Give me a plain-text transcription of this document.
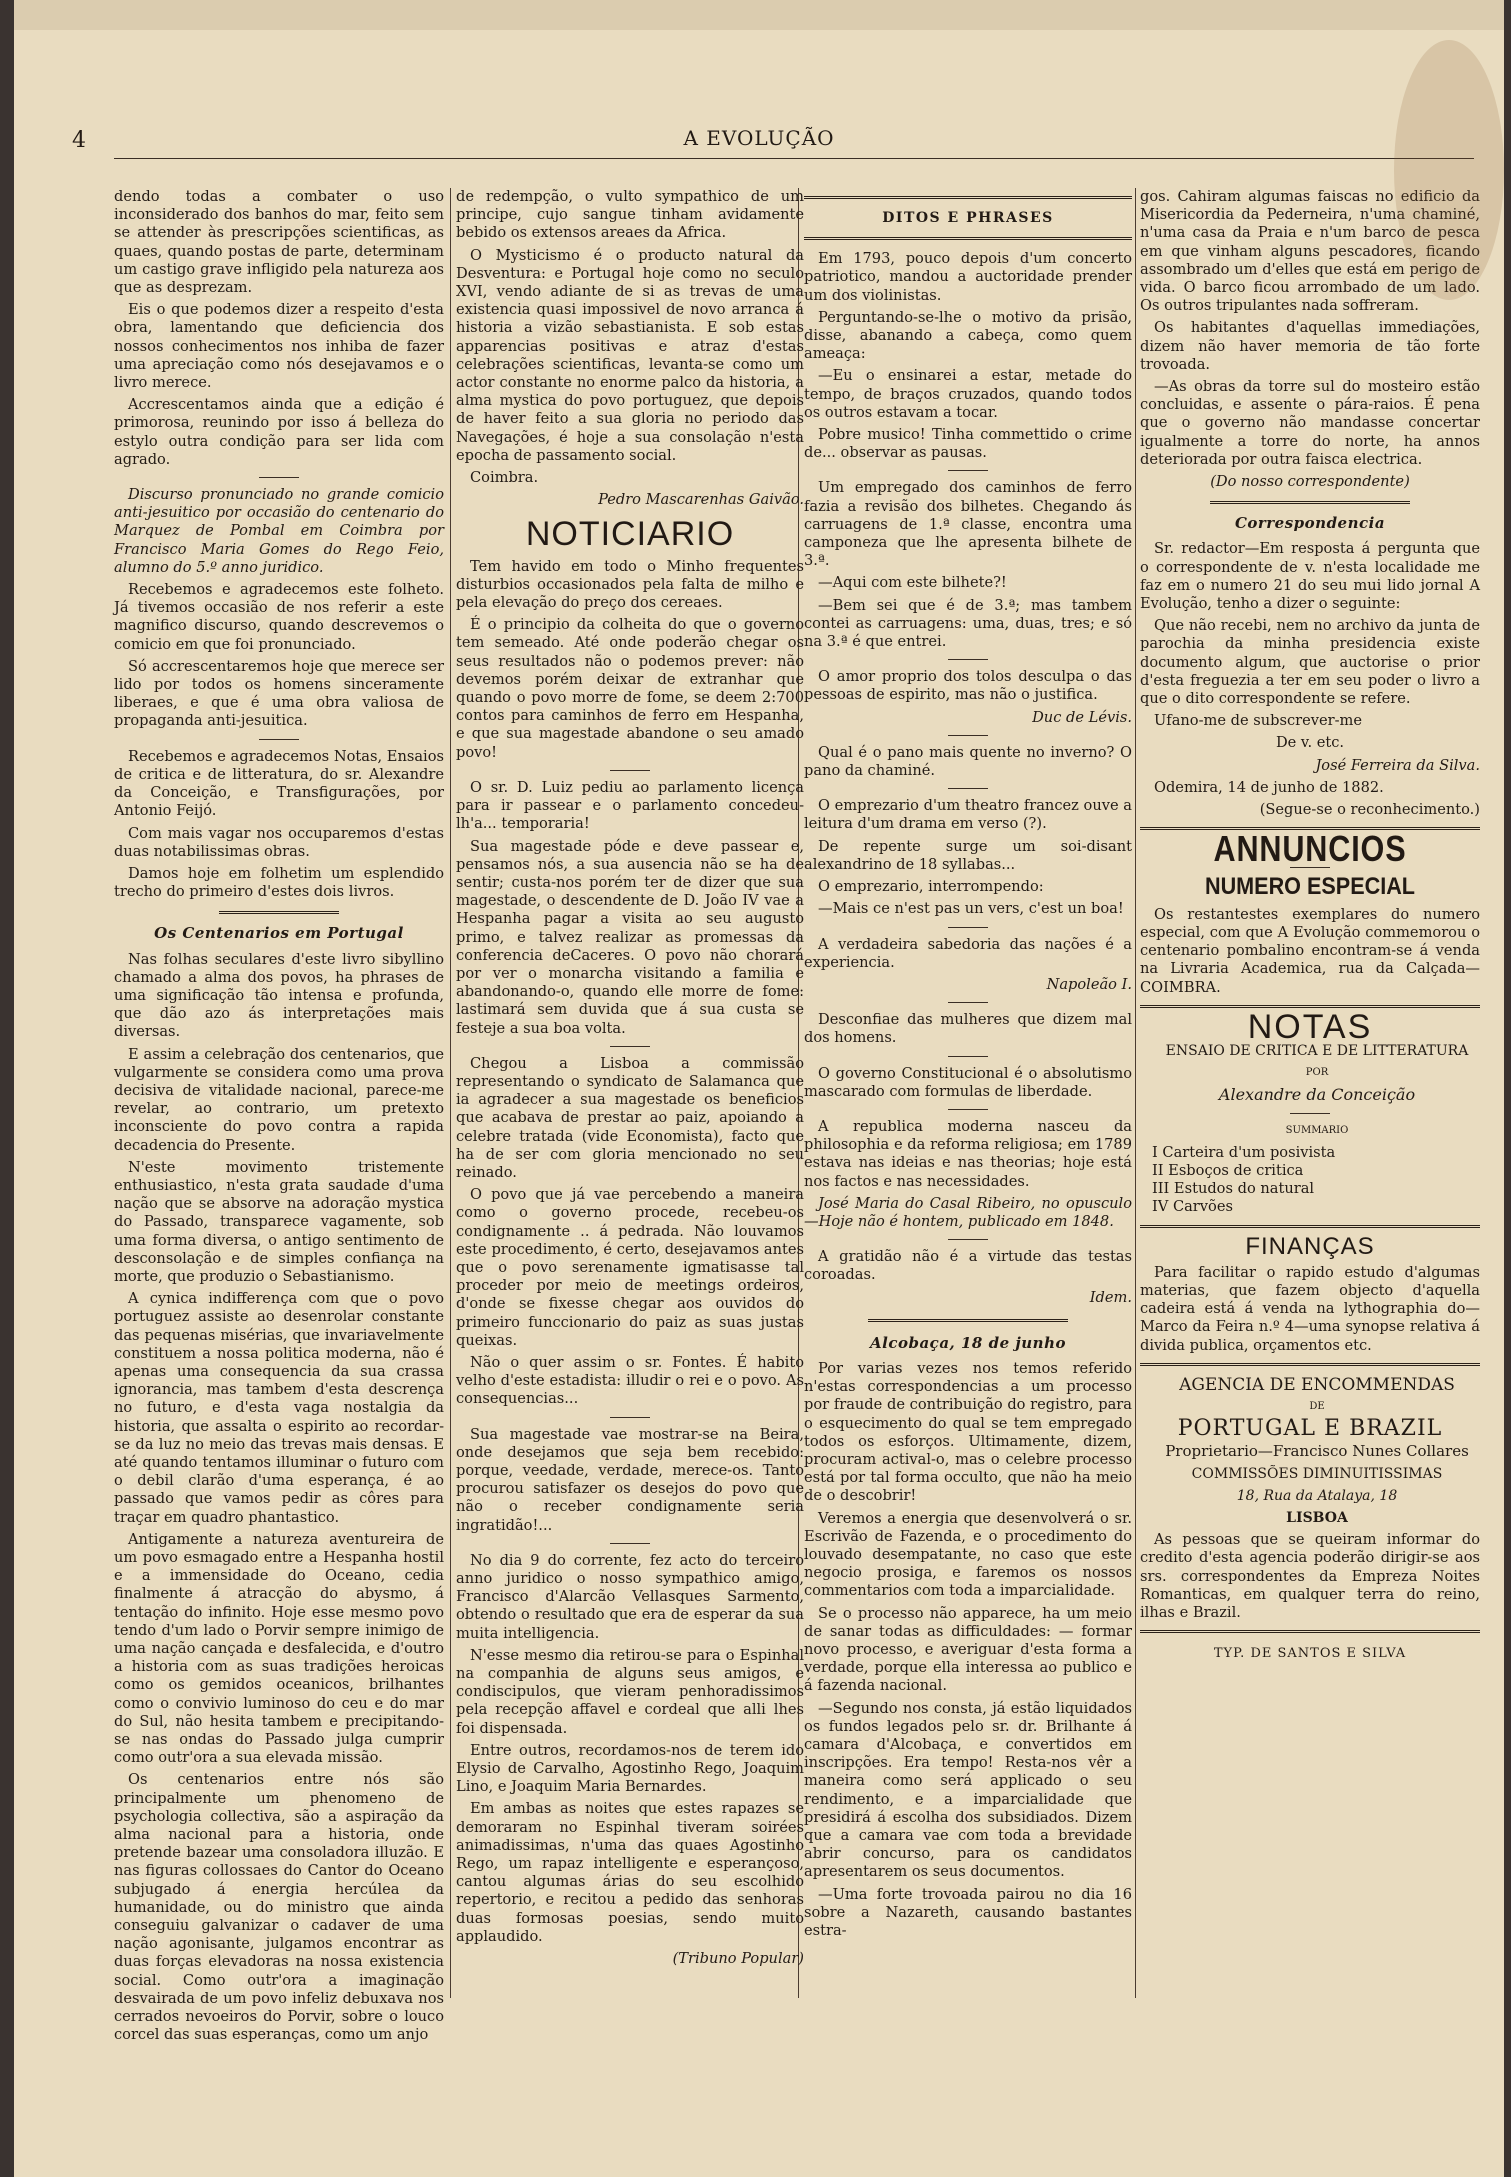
4	A EVOLUÇÃO

dendo todas a combater o uso inconsiderado dos banhos do mar, feito sem se attender às prescripções scientificas, as quaes, quando postas de parte, determinam um castigo grave infligido pela natureza aos que as desprezam.

Eis o que podemos dizer a respeito d'esta obra, lamentando que deficiencia dos nossos conhecimentos nos inhiba de fazer uma apreciação como nós desejavamos e o livro merece.

Accrescentamos ainda que a edição é primorosa, reunindo por isso á belleza do estylo outra condição para ser lida com agrado.

Discurso pronunciado no grande comicio anti-jesuitico por occasião do centenario do Marquez de Pombal em Coimbra por Francisco Maria Gomes do Rego Feio, alumno do 5.º anno juridico.

Recebemos e agradecemos este folheto. Já tivemos occasião de nos referir a este magnifico discurso, quando descrevemos o comicio em que foi pronunciado.

Só accrescentaremos hoje que merece ser lido por todos os homens sinceramente liberaes, e que é uma obra valiosa de propaganda anti-jesuitica.

Recebemos e agradecemos Notas, Ensaios de critica e de litteratura, do sr. Alexandre da Conceição, e Transfigurações, por Antonio Feijó.

Com mais vagar nos occuparemos d'estas duas notabilissimas obras.

Damos hoje em folhetim um esplendido trecho do primeiro d'estes dois livros.

Os Centenarios em Portugal

Nas folhas seculares d'este livro sibyllino chamado a alma dos povos, ha phrases de uma significação tão intensa e profunda, que dão azo ás interpretações mais diversas.

E assim a celebração dos centenarios, que vulgarmente se considera como uma prova decisiva de vitalidade nacional, parece-me revelar, ao contrario, um pretexto inconsciente do povo contra a rapida decadencia do Presente.

N'este movimento tristemente enthusiastico, n'esta grata saudade d'uma nação que se absorve na adoração mystica do Passado, transparece vagamente, sob uma forma diversa, o antigo sentimento de desconsolação e de simples confiança na morte, que produzio o Sebastianismo.

A cynica indifferença com que o povo portuguez assiste ao desenrolar constante das pequenas misérias, que invariavelmente constituem a nossa politica moderna, não é apenas uma consequencia da sua crassa ignorancia, mas tambem d'esta descrença no futuro, e d'esta vaga nostalgia da historia, que assalta o espirito ao recordar-se da luz no meio das trevas mais densas. E até quando tentamos illuminar o futuro com o debil clarão d'uma esperança, é ao passado que vamos pedir as côres para traçar em quadro phantastico.

Antigamente a natureza aventureira de um povo esmagado entre a Hespanha hostil e a immensidade do Oceano, cedia finalmente á atracção do abysmo, á tentação do infinito. Hoje esse mesmo povo tendo d'um lado o Porvir sempre inimigo de uma nação cançada e desfalecida, e d'outro a historia com as suas tradições heroicas como os gemidos oceanicos, brilhantes como o convivio luminoso do ceu e do mar do Sul, não hesita tambem e precipitando-se nas ondas do Passado julga cumprir como outr'ora a sua elevada missão.

Os centenarios entre nós são principalmente um phenomeno de psychologia collectiva, são a aspiração da alma nacional para a historia, onde pretende bazear uma consoladora illuzão. E nas figuras collossaes do Cantor do Oceano subjugado á energia hercúlea da humanidade, ou do ministro que ainda conseguiu galvanizar o cadaver de uma nação agonisante, julgamos encontrar as duas forças elevadoras na nossa existencia social. Como outr'ora a imaginação desvairada de um povo infeliz debuxava nos cerrados nevoeiros do Porvir, sobre o louco corcel das suas esperanças, como um anjo

de redempção, o vulto sympathico de um principe, cujo sangue tinham avidamente bebido os extensos areaes da Africa.

O Mysticismo é o producto natural da Desventura: e Portugal hoje como no seculo XVI, vendo adiante de si as trevas de uma existencia quasi impossivel de novo arranca á historia a vizão sebastianista. E sob estas apparencias positivas e atraz d'estas celebrações scientificas, levanta-se como um actor constante no enorme palco da historia, a alma mystica do povo portuguez, que depois de haver feito a sua gloria no periodo das Navegações, é hoje a sua consolação n'esta epocha de passamento social.

Coimbra.

Pedro Mascarenhas Gaivão.

NOTICIARIO

Tem havido em todo o Minho frequentes disturbios occasionados pela falta de milho e pela elevação do preço dos cereaes.

É o principio da colheita do que o governo tem semeado. Até onde poderão chegar os seus resultados não o podemos prever: não devemos porém deixar de extranhar que quando o povo morre de fome, se deem 2:700 contos para caminhos de ferro em Hespanha, e que sua magestade abandone o seu amado povo!

O sr. D. Luiz pediu ao parlamento licença para ir passear e o parlamento concedeu-lh'a... temporaria!

Sua magestade póde e deve passear e, pensamos nós, a sua ausencia não se ha de sentir; custa-nos porém ter de dizer que sua magestade, o descendente de D. João IV vae a Hespanha pagar a visita ao seu augusto primo, e talvez realizar as promessas da conferencia deCaceres. O povo não chorará por ver o monarcha visitando a familia e abandonando-o, quando elle morre de fome: lastimará sem duvida que á sua custa se festeje a sua boa volta.

Chegou a Lisboa a commissão representando o syndicato de Salamanca que ia agradecer a sua magestade os beneficios que acabava de prestar ao paiz, apoiando a celebre tratada (vide Economista), facto que ha de ser com gloria mencionado no seu reinado.

O povo que já vae percebendo a maneira como o governo procede, recebeu-os condignamente .. á pedrada. Não louvamos este procedimento, é certo, desejavamos antes que o povo serenamente igmatisasse tal proceder por meio de meetings ordeiros, d'onde se fixesse chegar aos ouvidos do primeiro funccionario do paiz as suas justas queixas.

Não o quer assim o sr. Fontes. É habito velho d'este estadista: illudir o rei e o povo. As consequencias...

Sua magestade vae mostrar-se na Beira, onde desejamos que seja bem recebido: porque, veedade, verdade, merece-os. Tanto procurou satisfazer os desejos do povo que não o receber condignamente seria ingratidão!...

No dia 9 do corrente, fez acto do terceiro anno juridico o nosso sympathico amigo, Francisco d'Alarcão Vellasques Sarmento, obtendo o resultado que era de esperar da sua muita intelligencia.

N'esse mesmo dia retirou-se para o Espinhal na companhia de alguns seus amigos, e condiscipulos, que vieram penhoradissimos pela recepção affavel e cordeal que alli lhes foi dispensada.

Entre outros, recordamos-nos de terem ido Elysio de Carvalho, Agostinho Rego, Joaquim Lino, e Joaquim Maria Bernardes.

Em ambas as noites que estes rapazes se demoraram no Espinhal tiveram soirées animadissimas, n'uma das quaes Agostinho Rego, um rapaz intelligente e esperançoso, cantou algumas árias do seu escolhido repertorio, e recitou a pedido das senhoras duas formosas poesias, sendo muito applaudido.

(Tribuno Popular)

DITOS E PHRASES

Em 1793, pouco depois d'um concerto patriotico, mandou a auctoridade prender um dos violinistas.

Perguntando-se-lhe o motivo da prisão, disse, abanando a cabeça, como quem ameaça:

—Eu o ensinarei a estar, metade do tempo, de braços cruzados, quando todos os outros estavam a tocar.

Pobre musico! Tinha commettido o crime de... observar as pausas.

Um empregado dos caminhos de ferro fazia a revisão dos bilhetes. Chegando ás carruagens de 1.ª classe, encontra uma camponeza que lhe apresenta bilhete de 3.ª.

—Aqui com este bilhete?!

—Bem sei que é de 3.ª; mas tambem contei as carruagens: uma, duas, tres; e só na 3.ª é que entrei.

O amor proprio dos tolos desculpa o das pessoas de espirito, mas não o justifica.

Duc de Lévis.

Qual é o pano mais quente no inverno? O pano da chaminé.

O emprezario d'um theatro francez ouve a leitura d'um drama em verso (?).

De repente surge um soi-disant alexandrino de 18 syllabas...

O emprezario, interrompendo:

—Mais ce n'est pas un vers, c'est un boa!

A verdadeira sabedoria das nações é a experiencia.

Napoleão I.

Desconfiae das mulheres que dizem mal dos homens.

O governo Constitucional é o absolutismo mascarado com formulas de liberdade.

A republica moderna nasceu da philosophia e da reforma religiosa; em 1789 estava nas ideias e nas theorias; hoje está nos factos e nas necessidades.

José Maria do Casal Ribeiro, no opusculo—Hoje não é hontem, publicado em 1848.

A gratidão não é a virtude das testas coroadas.

Idem.

Alcobaça, 18 de junho

Por varias vezes nos temos referido n'estas correspondencias a um processo por fraude de contribuição do registro, para o esquecimento do qual se tem empregado todos os esforços. Ultimamente, dizem, procuram actival-o, mas o celebre processo está por tal forma occulto, que não ha meio de o descobrir!

Veremos a energia que desenvolverá o sr. Escrivão de Fazenda, e o procedimento do louvado desempatante, no caso que este negocio prosiga, e faremos os nossos commentarios com toda a imparcialidade.

Se o processo não apparece, ha um meio de sanar todas as difficuldades: — formar novo processo, e averiguar d'esta forma a verdade, porque ella interessa ao publico e á fazenda nacional.

—Segundo nos consta, já estão liquidados os fundos legados pelo sr. dr. Brilhante á camara d'Alcobaça, e convertidos em inscripções. Era tempo! Resta-nos vêr a maneira como será applicado o seu rendimento, e a imparcialidade que presidirá á escolha dos subsidiados. Dizem que a camara vae com toda a brevidade abrir concurso, para os candidatos apresentarem os seus documentos.

—Uma forte trovoada pairou no dia 16 sobre a Nazareth, causando bastantes estra-

gos. Cahiram algumas faiscas no edificio da Misericordia da Pederneira, n'uma chaminé, n'uma casa da Praia e n'um barco de pesca em que vinham alguns pescadores, ficando assombrado um d'elles que está em perigo de vida. O barco ficou arrombado de um lado. Os outros tripulantes nada soffreram.

Os habitantes d'aquellas immediações, dizem não haver memoria de tão forte trovoada.

—As obras da torre sul do mosteiro estão concluidas, e assente o pára-raios. É pena que o governo não mandasse concertar igualmente a torre do norte, ha annos deteriorada por outra faisca electrica.

(Do nosso correspondente)

Correspondencia

Sr. redactor—Em resposta á pergunta que o correspondente de v. n'esta localidade me faz em o numero 21 do seu mui lido jornal A Evolução, tenho a dizer o seguinte:

Que não recebi, nem no archivo da junta de parochia da minha presidencia existe documento algum, que auctorise o prior d'esta freguezia a ter em seu poder o livro a que o dito correspondente se refere.

Ufano-me de subscrever-me

De v. etc.

José Ferreira da Silva.

Odemira, 14 de junho de 1882.

(Segue-se o reconhecimento.)

ANNUNCIOS
NUMERO ESPECIAL

Os restantestes exemplares do numero especial, com que A Evolução commemorou o centenario pombalino encontram-se á venda na Livraria Academica, rua da Calçada—COIMBRA.

NOTAS

ENSAIO DE CRITICA E DE LITTERATURA

POR

Alexandre da Conceição

SUMMARIO

I Carteira d'um posivista
II Esboços de critica
III Estudos do natural
IV Carvões
FINANÇAS

Para facilitar o rapido estudo d'algumas materias, que fazem objecto d'aquella cadeira está á venda na lythographia do—Marco da Feira n.º 4—uma synopse relativa á divida publica, orçamentos etc.

AGENCIA DE ENCOMMENDAS

DE

PORTUGAL E BRAZIL

Proprietario—Francisco Nunes Collares

COMMISSÕES DIMINUITISSIMAS

18, Rua da Atalaya, 18

LISBOA

As pessoas que se queiram informar do credito d'esta agencia poderão dirigir-se aos srs. correspondentes da Empreza Noites Romanticas, em qualquer terra do reino, ilhas e Brazil.

TYP. DE SANTOS E SILVA
